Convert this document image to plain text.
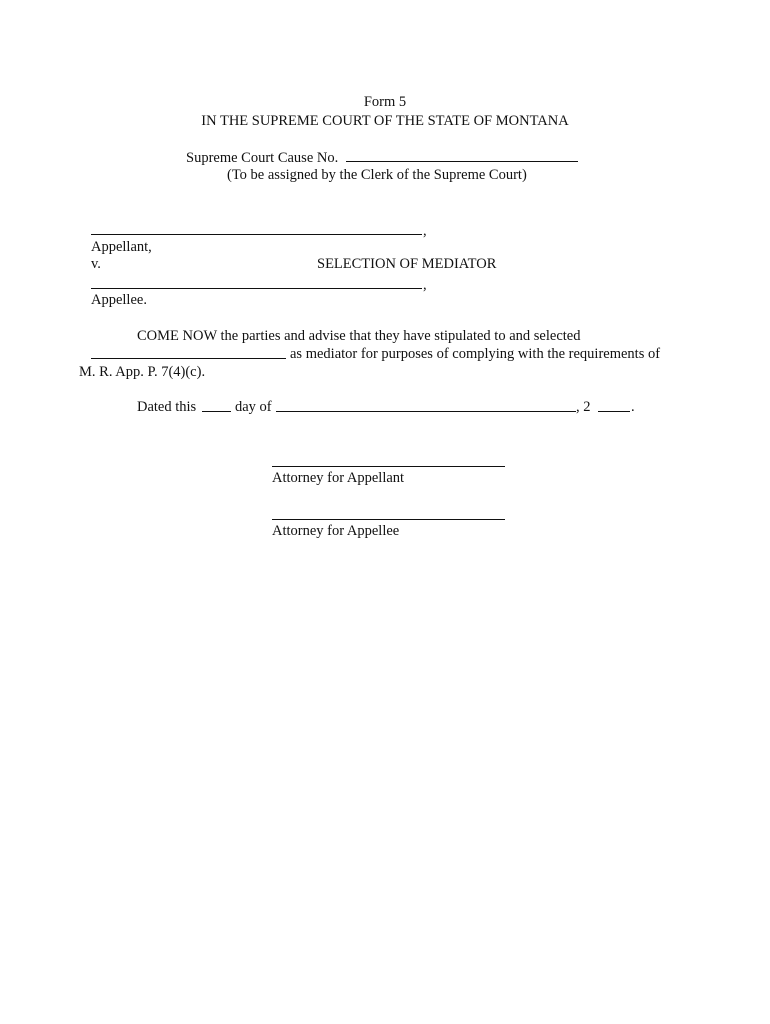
Form 5
IN THE SUPREME COURT OF THE STATE OF MONTANA
Supreme Court Cause No.
(To be assigned by the Clerk of the Supreme Court)
,
Appellant,
v.	SELECTION OF MEDIATOR
,
Appellee.
COME NOW the parties and advise that they have stipulated to and selected
as mediator for purposes of complying with the requirements of
M. R. App. P. 7(4)(c).
Dated this	day of	, 2	.
Attorney for Appellant
Attorney for Appellee
